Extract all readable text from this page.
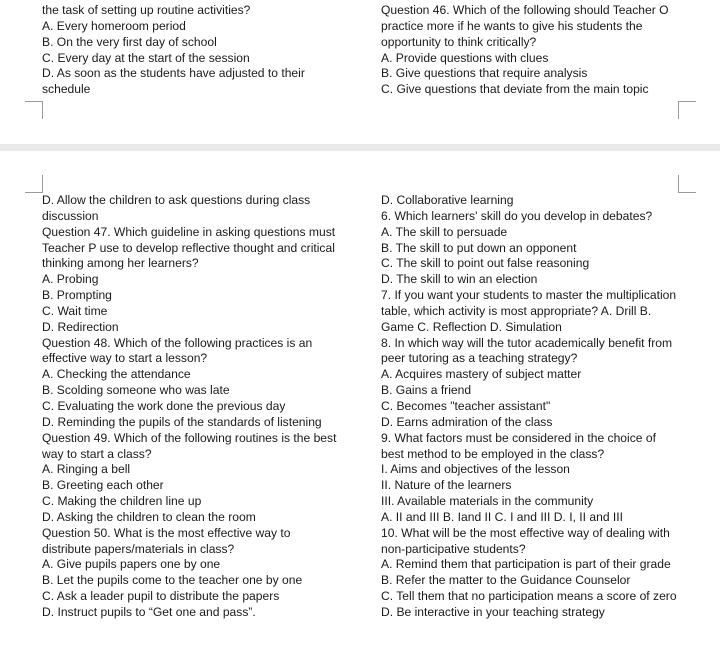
the task of setting up routine activities?
A. Every homeroom period
B. On the very first day of school
C. Every day at the start of the session
D. As soon as the students have adjusted to their schedule
Question 46. Which of the following should Teacher O practice more if he wants to give his students the opportunity to think critically?
A. Provide questions with clues
B. Give questions that require analysis
C. Give questions that deviate from the main topic
D. Allow the children to ask questions during class discussion
Question 47. Which guideline in asking questions must Teacher P use to develop reflective thought and critical thinking among her learners?
A. Probing
B. Prompting
C. Wait time
D. Redirection
Question 48. Which of the following practices is an effective way to start a lesson?
A. Checking the attendance
B. Scolding someone who was late
C. Evaluating the work done the previous day
D. Reminding the pupils of the standards of listening
Question 49. Which of the following routines is the best way to start a class?
A. Ringing a bell
B. Greeting each other
C. Making the children line up
D. Asking the children to clean the room
Question 50. What is the most effective way to distribute papers/materials in class?
A. Give pupils papers one by one
B. Let the pupils come to the teacher one by one
C. Ask a leader pupil to distribute the papers
D. Instruct pupils to “Get one and pass”.
D. Collaborative learning
6. Which learners' skill do you develop in debates?
A. The skill to persuade
B. The skill to put down an opponent
C. The skill to point out false reasoning
D. The skill to win an election
7. If you want your students to master the multiplication table, which activity is most appropriate? A. Drill B. Game C. Reflection D. Simulation
8. In which way will the tutor academically benefit from peer tutoring as a teaching strategy?
A. Acquires mastery of subject matter
B. Gains a friend
C. Becomes "teacher assistant"
D. Earns admiration of the class
9. What factors must be considered in the choice of best method to be employed in the class?
I. Aims and objectives of the lesson
II. Nature of the learners
III. Available materials in the community
A. II and III B. Iand II C. I and III D. I, II and III
10. What will be the most effective way of dealing with non-participative students?
A. Remind them that participation is part of their grade
B. Refer the matter to the Guidance Counselor
C. Tell them that no participation means a score of zero D. Be interactive in your teaching strategy
